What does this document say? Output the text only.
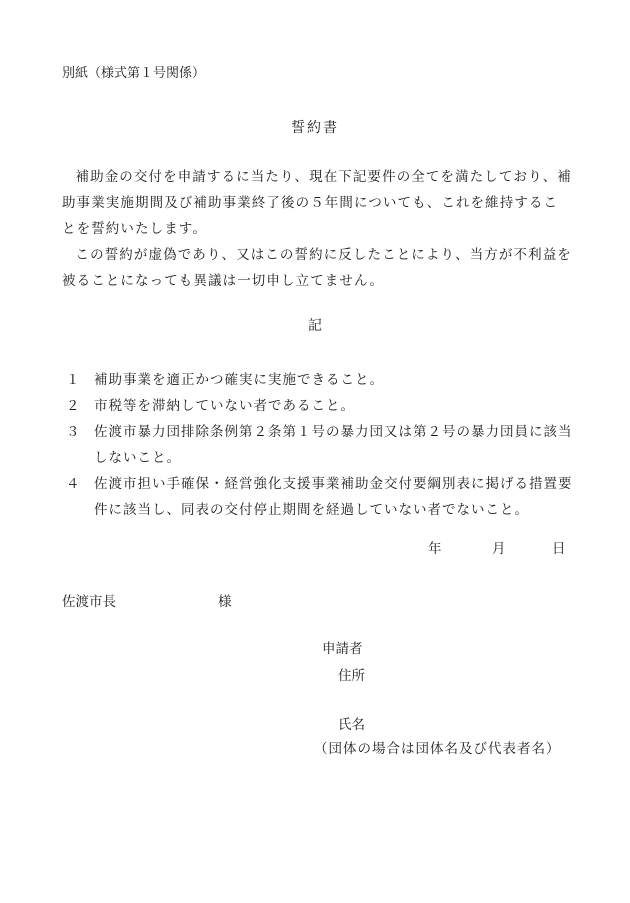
別紙（様式第１号関係）
誓約書

補助金の交付を申請するに当たり、現在下記要件の全てを満たしており、補助事業実施期間及び補助事業終了後の５年間についても、これを維持することを誓約いたします。

この誓約が虚偽であり、又はこの誓約に反したことにより、当方が不利益を被ることになっても異議は一切申し立てません。

記
１	補助事業を適正かつ確実に実施できること。
２	市税等を滞納していない者であること。
３	佐渡市暴力団排除条例第２条第１号の暴力団又は第２号の暴力団員に該当しないこと。
４	佐渡市担い手確保・経営強化支援事業補助金交付要綱別表に掲げる措置要件に該当し、同表の交付停止期間を経過していない者でないこと。
年	月	日
佐渡市長	様
申請者
住所
氏名
（団体の場合は団体名及び代表者名）
